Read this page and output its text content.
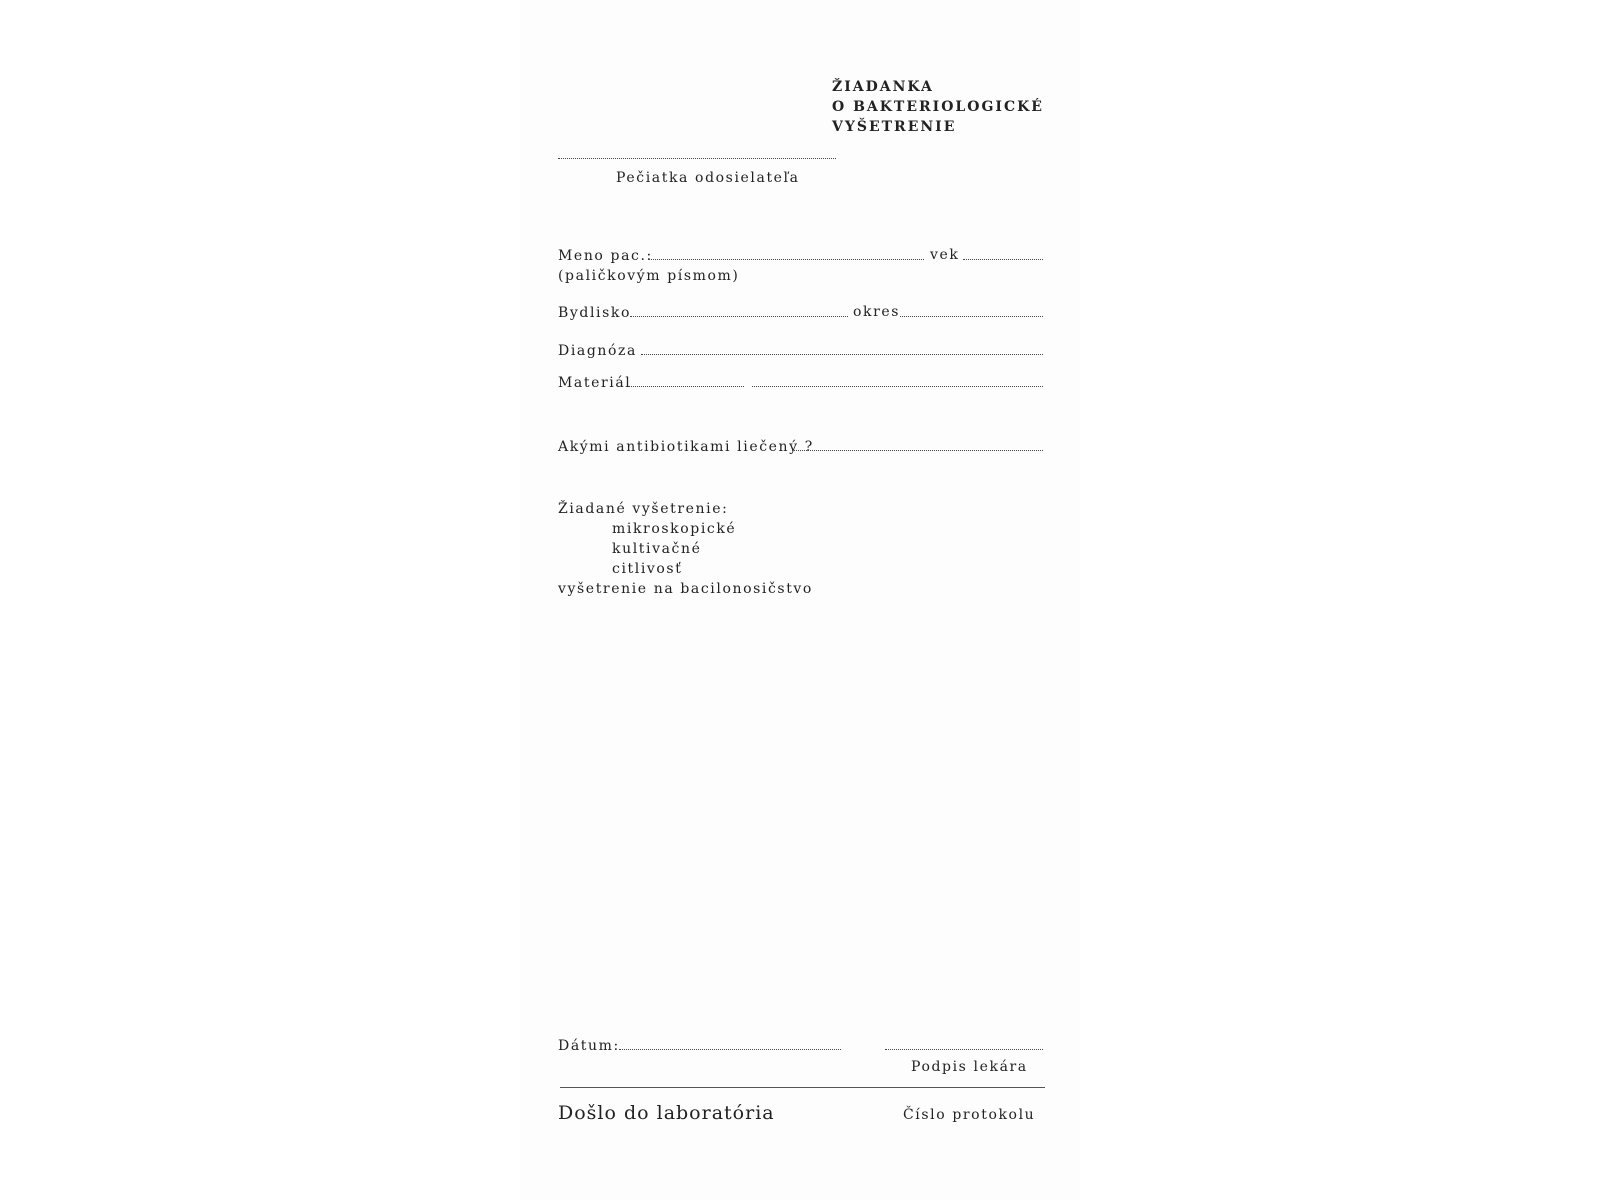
ŽIADANKA
O BAKTERIOLOGICKÉ
VYŠETRENIE
Pečiatka odosielateľa
Meno pac.:	vek
(paličkovým písmom)
Bydlisko	okres
Diagnóza
Materiál
Akými antibiotikami liečený ?
Žiadané vyšetrenie:
mikroskopické
kultivačné
citlivosť
vyšetrenie na bacilonosičstvo
Dátum:
Podpis lekára
Došlo do laboratória	Číslo protokolu
